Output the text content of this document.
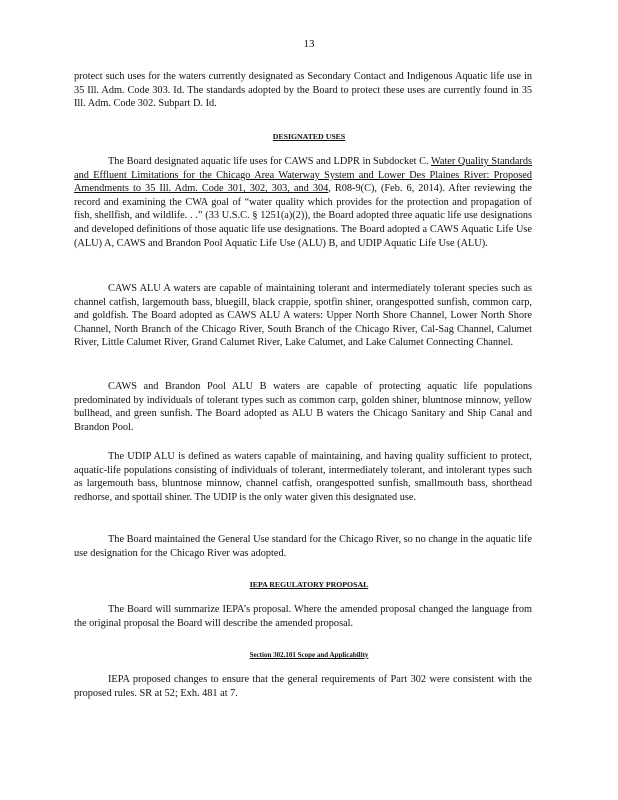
13

protect such uses for the waters currently designated as Secondary Contact and Indigenous Aquatic life use in 35 Ill. Adm. Code 303. Id. The standards adopted by the Board to protect these uses are currently found in 35 Ill. Adm. Code 302. Subpart D. Id.

DESIGNATED USES

The Board designated aquatic life uses for CAWS and LDPR in Subdocket C. Water Quality Standards and Effluent Limitations for the Chicago Area Waterway System and Lower Des Plaines River: Proposed Amendments to 35 Ill. Adm. Code 301, 302, 303, and 304, R08-9(C), (Feb. 6, 2014). After reviewing the record and examining the CWA goal of “water quality which provides for the protection and propagation of fish, shellfish, and wildlife. . .” (33 U.S.C. § 1251(a)(2)), the Board adopted three aquatic life use designations and developed definitions of those aquatic life use designations. The Board adopted a CAWS Aquatic Life Use (ALU) A, CAWS and Brandon Pool Aquatic Life Use (ALU) B, and UDIP Aquatic Life Use (ALU).

CAWS ALU A waters are capable of maintaining tolerant and intermediately tolerant species such as channel catfish, largemouth bass, bluegill, black crappie, spotfin shiner, orangespotted sunfish, common carp, and goldfish. The Board adopted as CAWS ALU A waters: Upper North Shore Channel, Lower North Shore Channel, North Branch of the Chicago River, South Branch of the Chicago River, Cal-Sag Channel, Calumet River, Little Calumet River, Grand Calumet River, Lake Calumet, and Lake Calumet Connecting Channel.

CAWS and Brandon Pool ALU B waters are capable of protecting aquatic life populations predominated by individuals of tolerant types such as common carp, golden shiner, bluntnose minnow, yellow bullhead, and green sunfish. The Board adopted as ALU B waters the Chicago Sanitary and Ship Canal and Brandon Pool.

The UDIP ALU is defined as waters capable of maintaining, and having quality sufficient to protect, aquatic-life populations consisting of individuals of tolerant, intermediately tolerant, and intolerant types such as largemouth bass, bluntnose minnow, channel catfish, orangespotted sunfish, smallmouth bass, shorthead redhorse, and spottail shiner. The UDIP is the only water given this designated use.

The Board maintained the General Use standard for the Chicago River, so no change in the aquatic life use designation for the Chicago River was adopted.

IEPA REGULATORY PROPOSAL

The Board will summarize IEPA’s proposal. Where the amended proposal changed the language from the original proposal the Board will describe the amended proposal.

Section 302.101 Scope and Applicability

IEPA proposed changes to ensure that the general requirements of Part 302 were consistent with the proposed rules. SR at 52; Exh. 481 at 7.
